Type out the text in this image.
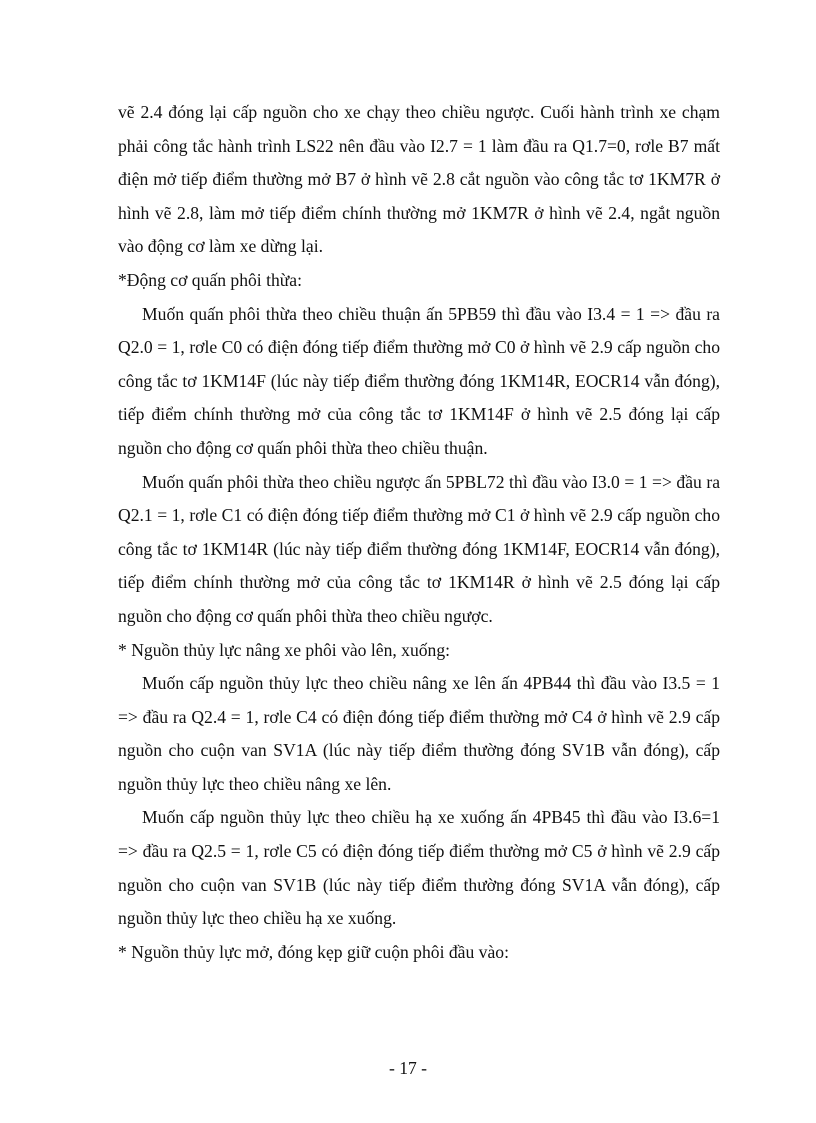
vẽ 2.4 đóng lại cấp nguồn cho xe chạy theo chiều ngược. Cuối hành trình xe chạm phải công tắc hành trình LS22 nên đầu vào I2.7 = 1 làm đầu ra Q1.7=0, rơle B7 mất điện mở tiếp điểm thường mở B7 ở hình vẽ 2.8 cắt nguồn vào công tắc tơ 1KM7R ở hình vẽ 2.8, làm mở tiếp điểm chính thường mở 1KM7R ở hình vẽ 2.4, ngắt nguồn vào động cơ làm xe dừng lại.

*Động cơ quấn phôi thừa:

Muốn quấn phôi thừa theo chiều thuận ấn 5PB59 thì đầu vào I3.4 = 1 => đầu ra Q2.0 = 1, rơle C0 có điện đóng tiếp điểm thường mở C0 ở hình vẽ 2.9 cấp nguồn cho công tắc tơ 1KM14F (lúc này tiếp điểm thường đóng 1KM14R, EOCR14 vẫn đóng), tiếp điểm chính thường mở của công tắc tơ 1KM14F ở hình vẽ 2.5 đóng lại cấp nguồn cho động cơ quấn phôi thừa theo chiều thuận.

Muốn quấn phôi thừa theo chiều ngược ấn 5PBL72 thì đầu vào I3.0 = 1 => đầu ra Q2.1 = 1, rơle C1 có điện đóng tiếp điểm thường mở C1 ở hình vẽ 2.9 cấp nguồn cho công tắc tơ 1KM14R (lúc này tiếp điểm thường đóng 1KM14F, EOCR14 vẫn đóng), tiếp điểm chính thường mở của công tắc tơ 1KM14R ở hình vẽ 2.5 đóng lại cấp nguồn cho động cơ quấn phôi thừa theo chiều ngược.

* Nguồn thủy lực nâng xe phôi vào lên, xuống:

Muốn cấp nguồn thủy lực theo chiều nâng xe lên ấn 4PB44 thì đầu vào I3.5 = 1 => đầu ra Q2.4 = 1, rơle C4 có điện đóng tiếp điểm thường mở C4 ở hình vẽ 2.9 cấp nguồn cho cuộn van SV1A (lúc này tiếp điểm thường đóng SV1B vẫn đóng), cấp nguồn thủy lực theo chiều nâng xe lên.

Muốn cấp nguồn thủy lực theo chiều hạ xe xuống ấn 4PB45 thì đầu vào I3.6=1 => đầu ra Q2.5 = 1, rơle C5 có điện đóng tiếp điểm thường mở C5 ở hình vẽ 2.9 cấp nguồn cho cuộn van SV1B (lúc này tiếp điểm thường đóng SV1A vẫn đóng), cấp nguồn thủy lực theo chiều hạ xe xuống.

* Nguồn thủy lực mở, đóng kẹp giữ cuộn phôi đầu vào:

- 17 -
